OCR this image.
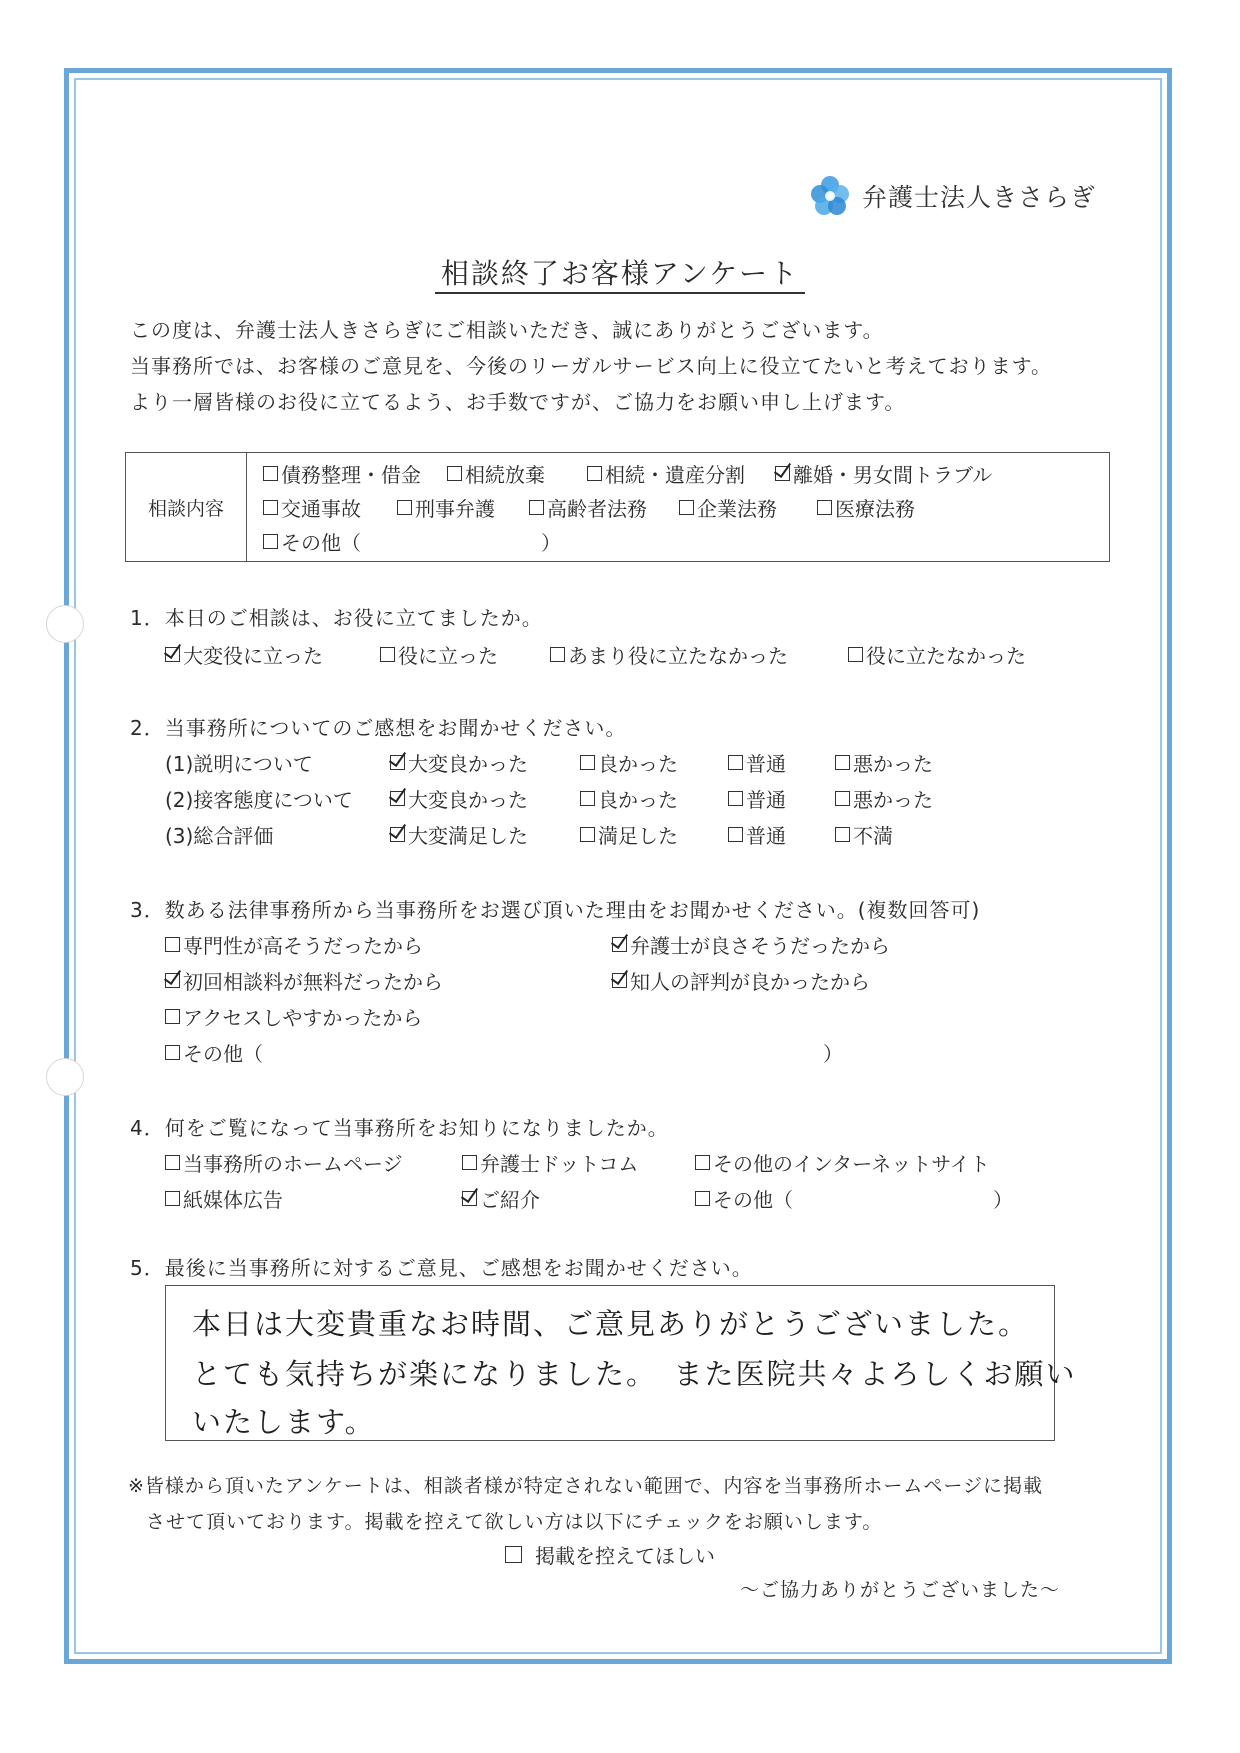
弁護士法人きさらぎ
相談終了お客様アンケート
この度は、弁護士法人きさらぎにご相談いただき、誠にありがとうございます。
当事務所では、お客様のご意見を、今後のリーガルサービス向上に役立てたいと考えております。
より一層皆様のお役に立てるよう、お手数ですが、ご協力をお願い申し上げます。
相談内容
債務整理・借金 相続放棄	相続・遺産分割 離婚・男女間トラブル
交通事故	刑事弁護	高齢者法務	企業法務	医療法務
その他（　　　　　　　　　）
1．本日のご相談は、お役に立てましたか。
大変役に立った	役に立った	あまり役に立たなかった	役に立たなかった
2．当事務所についてのご感想をお聞かせください。
(1)説明について	大変良かった	良かった	普通	悪かった
(2)接客態度について	大変良かった	良かった	普通	悪かった
(3)総合評価	大変満足した	満足した	普通	不満
3．数ある法律事務所から当事務所をお選び頂いた理由をお聞かせください。(複数回答可)
専門性が高そうだったから	弁護士が良さそうだったから
初回相談料が無料だったから	知人の評判が良かったから
アクセスしやすかったから
その他（　　　　　　　　　　　　　　　　　　　　　　　　　　　　）
4．何をご覧になって当事務所をお知りになりましたか。
当事務所のホームページ	弁護士ドットコム	その他のインターネットサイト
紙媒体広告	ご紹介	その他（　　　　　　　　　　）
5．最後に当事務所に対するご意見、ご感想をお聞かせください。
本日は大変貴重なお時間、ご意見ありがとうございました。
とても気持ちが楽になりました。　また医院共々よろしくお願い
いたします。
※皆様から頂いたアンケートは、相談者様が特定されない範囲で、内容を当事務所ホームページに掲載
させて頂いております。掲載を控えて欲しい方は以下にチェックをお願いします。
掲載を控えてほしい
～ご協力ありがとうございました～
